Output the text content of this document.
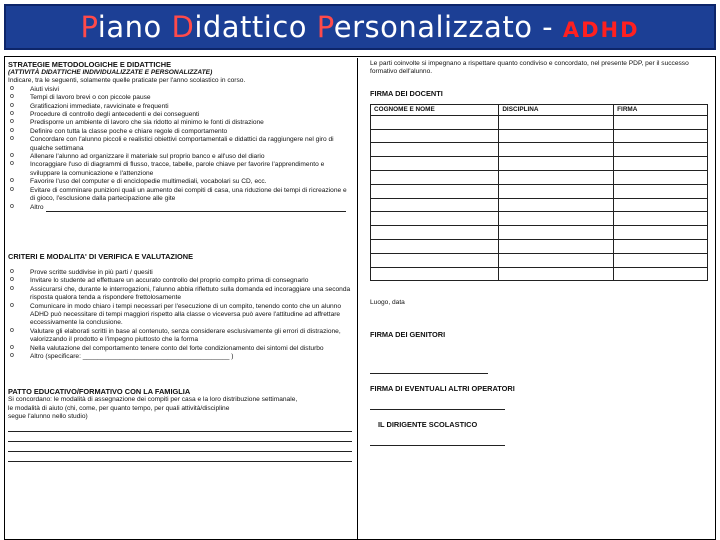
Piano Didattico Personalizzato - ADHD
STRATEGIE METODOLOGICHE E DIDATTICHE
(ATTIVITÀ DIDATTICHE INDIVIDUALIZZATE E PERSONALIZZATE)
Indicare, tra le seguenti, solamente quelle praticate per l'anno scolastico in corso.
o Aiuti visivi
o Tempi di lavoro brevi o con piccole pause
o Gratificazioni immediate, ravvicinate e frequenti
o Procedure di controllo degli antecedenti e dei conseguenti
o Predisporre un ambiente di lavoro che sia ridotto al minimo le fonti di distrazione
o Definire con tutta la classe poche e chiare regole di comportamento
o Concordare con l'alunno piccoli e realistici obiettivi comportamentali e didattici da raggiungere nel giro di qualche settimana
o Allenare l'alunno ad organizzare il materiale sul proprio banco e all'uso del diario
o Incoraggiare l'uso di diagrammi di flusso, tracce, tabelle, parole chiave per favorire l'apprendimento e sviluppare la comunicazione e l'attenzione
o Favorire l'uso del computer e di enciclopedie multimediali, vocabolari su CD, ecc.
o Evitare di comminare punizioni quali un aumento dei compiti di casa, una riduzione dei tempi di ricreazione e di gioco, l'esclusione dalla partecipazione alle gite
o Altro
CRITERI E MODALITA' DI VERIFICA E VALUTAZIONE
o Prove scritte suddivise in più parti / quesiti
o Invitare lo studente ad effettuare un accurato controllo del proprio compito prima di consegnarlo
o Assicurarsi che, durante le interrogazioni, l'alunno abbia riflettuto sulla domanda ed incoraggiare una seconda risposta qualora tenda a rispondere frettolosamente
o Comunicare in modo chiaro i tempi necessari per l'esecuzione di un compito, tenendo conto che un alunno ADHD può necessitare di tempi maggiori rispetto alla classe o viceversa può avere l'attitudine ad affrettare eccessivamente la conclusione.
o Valutare gli elaborati scritti in base al contenuto, senza considerare esclusivamente gli errori di distrazione, valorizzando il prodotto e l'impegno piuttosto che la forma
o Nella valutazione del comportamento tenere conto del forte condizionamento dei sintomi del disturbo
o Altro (specificare: ________________________________________ )
PATTO EDUCATIVO/FORMATIVO CON LA FAMIGLIA
Si concordano: le modalità di assegnazione dei compiti per casa e la loro distribuzione settimanale,
le modalità di aiuto (chi, come, per quanto tempo, per quali attività/discipline
segue l'alunno nello studio)
Le parti coinvolte si impegnano a rispettare quanto condiviso e concordato, nel presente PDP, per il successo formativo dell'alunno.
FIRMA DEI DOCENTI
COGNOME E NOME	DISCIPLINA	FIRMA

Luogo, data
FIRMA DEI GENITORI
FIRMA DI EVENTUALI ALTRI OPERATORI
IL DIRIGENTE SCOLASTICO
